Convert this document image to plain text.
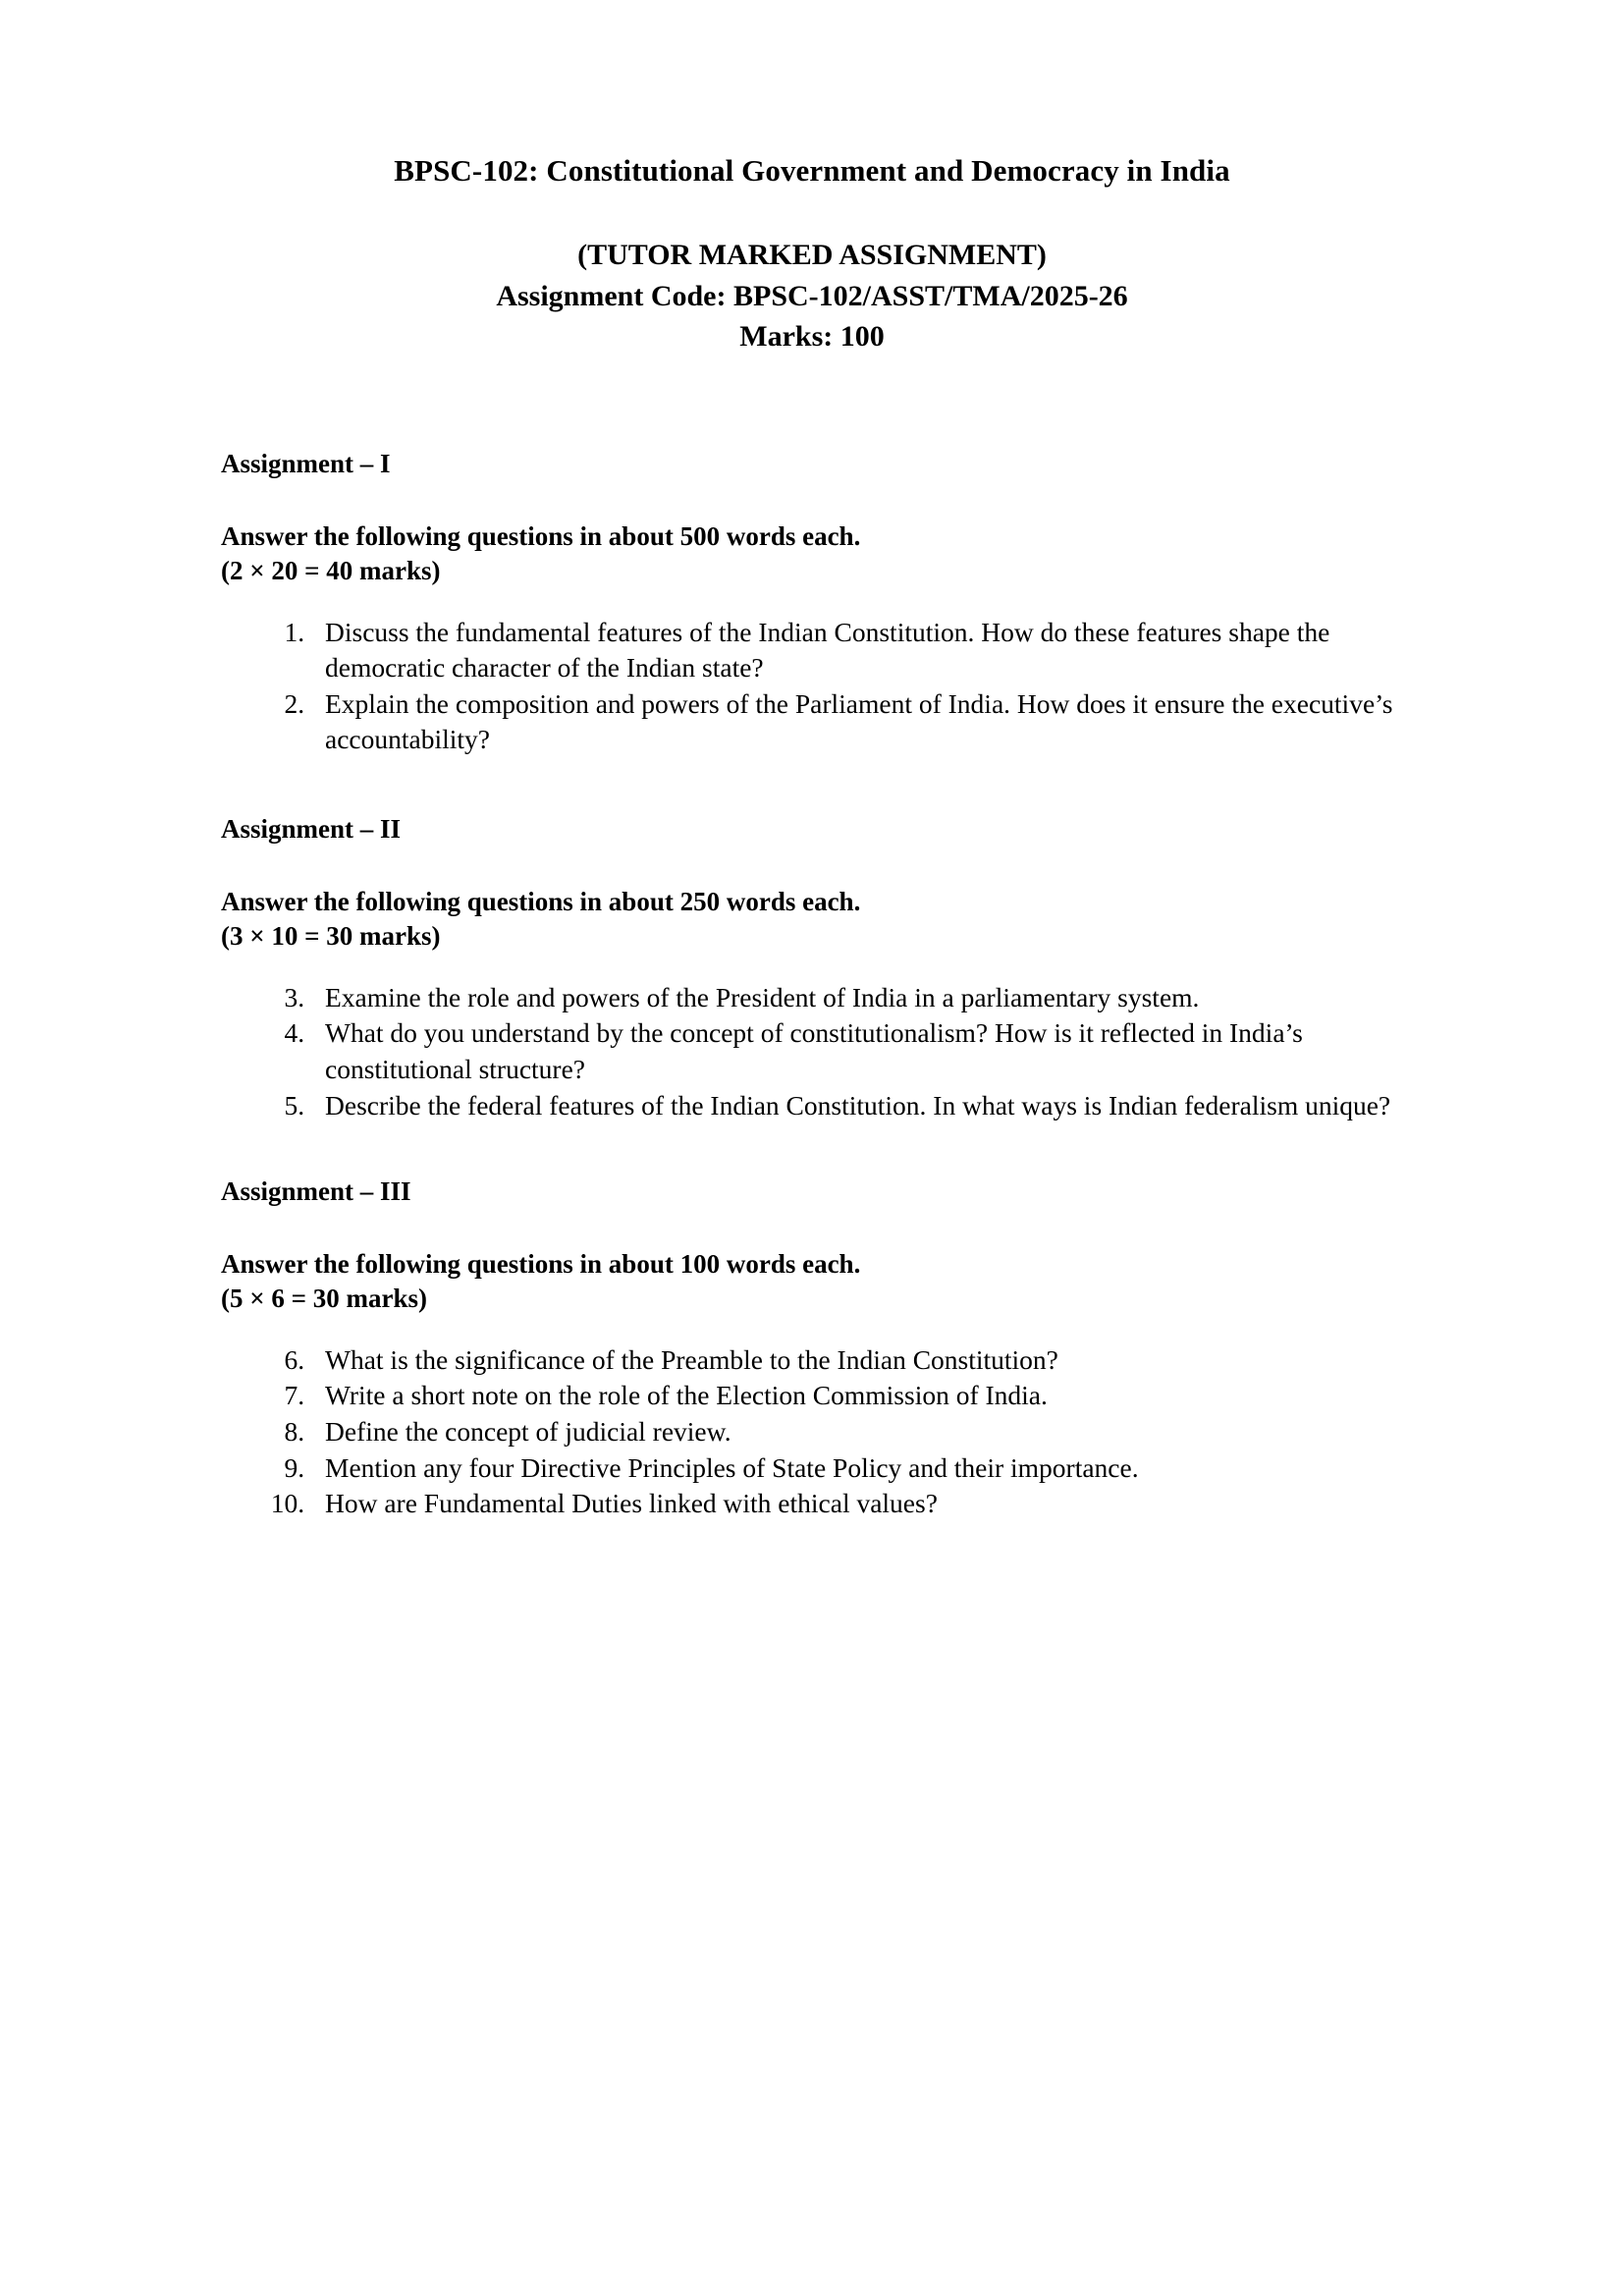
BPSC-102: Constitutional Government and Democracy in India
(TUTOR MARKED ASSIGNMENT)
Assignment Code: BPSC-102/ASST/TMA/2025-26
Marks: 100
Assignment – I
Answer the following questions in about 500 words each.
(2 × 20 = 40 marks)
1. Discuss the fundamental features of the Indian Constitution. How do these features shape the democratic character of the Indian state?
2. Explain the composition and powers of the Parliament of India. How does it ensure the executive’s accountability?
Assignment – II
Answer the following questions in about 250 words each.
(3 × 10 = 30 marks)
3. Examine the role and powers of the President of India in a parliamentary system.
4. What do you understand by the concept of constitutionalism? How is it reflected in India’s constitutional structure?
5. Describe the federal features of the Indian Constitution. In what ways is Indian federalism unique?
Assignment – III
Answer the following questions in about 100 words each.
(5 × 6 = 30 marks)
6. What is the significance of the Preamble to the Indian Constitution?
7. Write a short note on the role of the Election Commission of India.
8. Define the concept of judicial review.
9. Mention any four Directive Principles of State Policy and their importance.
10. How are Fundamental Duties linked with ethical values?
